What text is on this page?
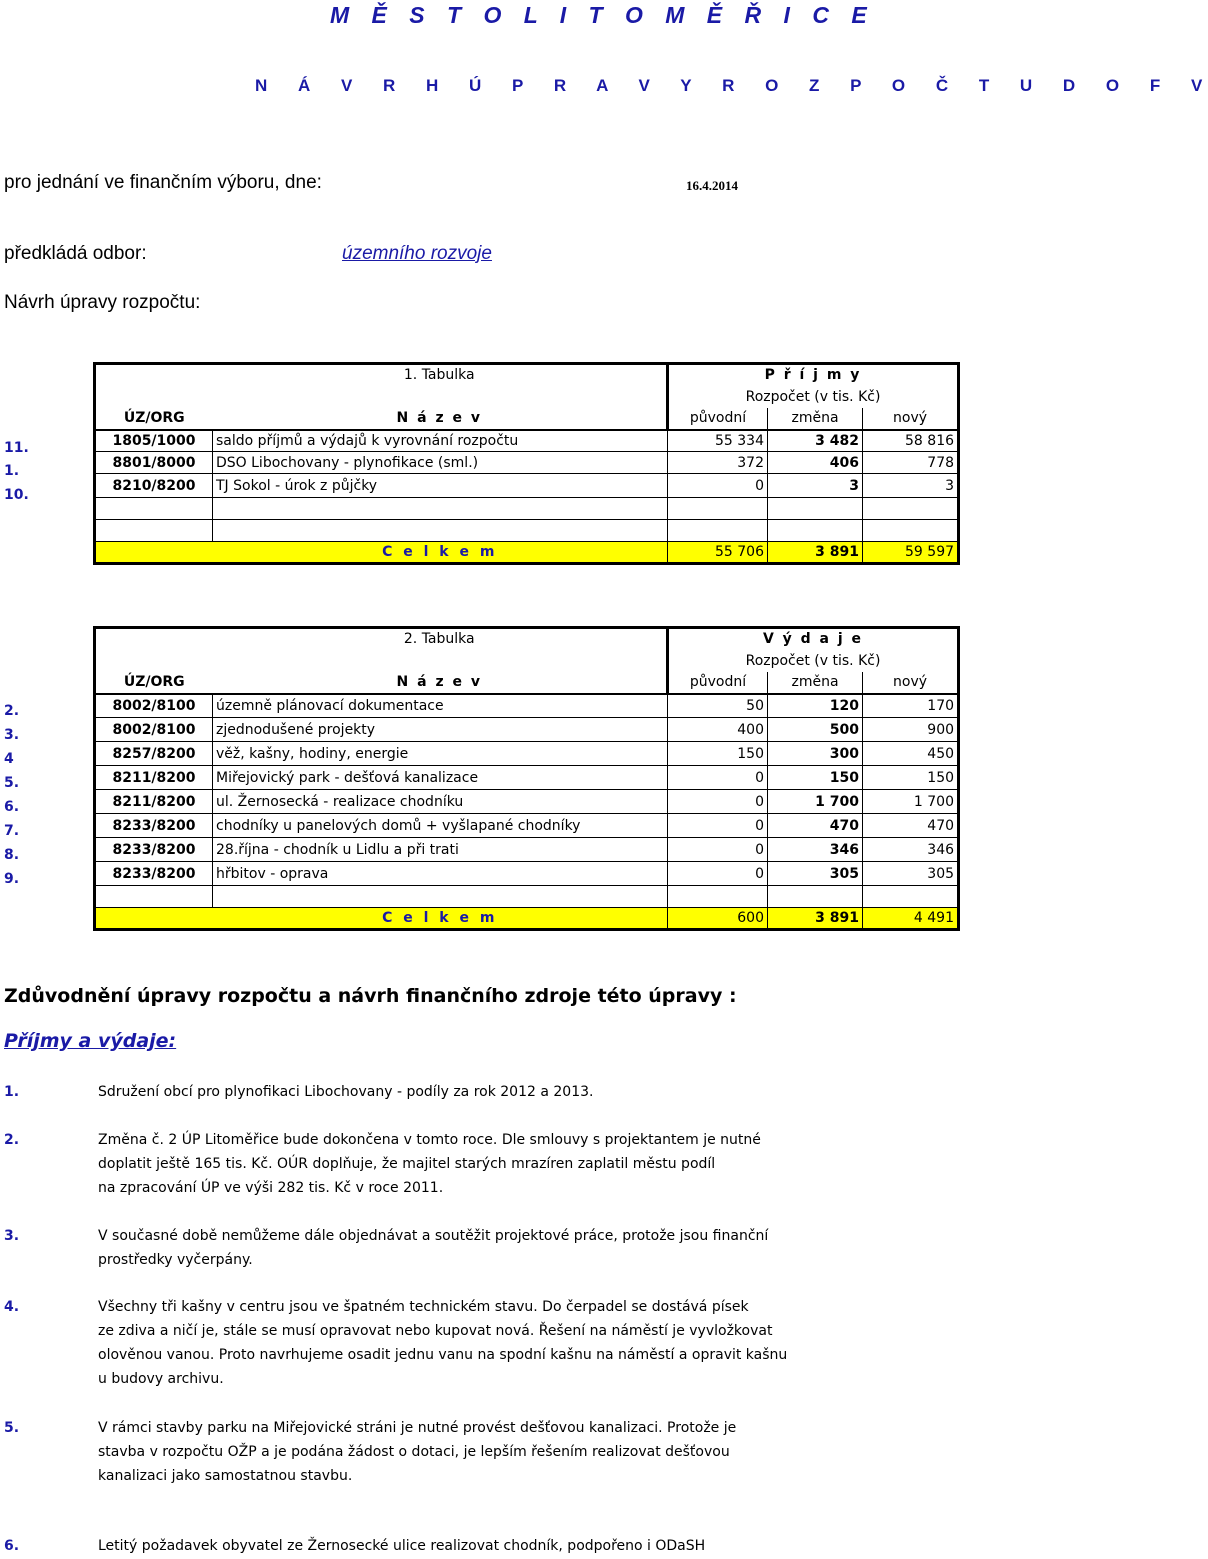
M Ě S T O L I T O M Ě Ř I C E
N Á V R H Ú P R A V Y R O Z P O Č T U D O F V
pro jednání ve finančním výboru, dne:	16.4.2014
předkládá odbor:	územního rozvoje
Návrh úpravy rozpočtu:
11.
1.
10.
	1. Tabulka	P ř í j m y		
		Rozpočet (v tis. Kč)		
ÚZ/ORG	N á z e v	původní	změna	nový
1805/1000	saldo příjmů a výdajů k vyrovnání rozpočtu	55 334	3 482	58 816
8801/8000	DSO Libochovany - plynofikace (sml.)	372	406	778
8210/8200	TJ Sokol - úrok z půjčky	0	3	3

	C e l k e m	55 706	3 891	59 597
2.
3.
4
5.
6.
7.
8.
9.
	2. Tabulka	V ý d a j e		
		Rozpočet (v tis. Kč)		
ÚZ/ORG	N á z e v	původní	změna	nový
8002/8100	územně plánovací dokumentace	50	120	170
8002/8100	zjednodušené projekty	400	500	900
8257/8200	věž, kašny, hodiny, energie	150	300	450
8211/8200	Miřejovický park - dešťová kanalizace	0	150	150
8211/8200	ul. Žernosecká - realizace chodníku	0	1 700	1 700
8233/8200	chodníky u panelových domů + vyšlapané chodníky	0	470	470
8233/8200	28.října - chodník u Lidlu a při trati	0	346	346
8233/8200	hřbitov - oprava	0	305	305

	C e l k e m	600	3 891	4 491
Zdůvodnění úpravy rozpočtu a návrh finančního zdroje této úpravy :
Příjmy a výdaje:
1.	Sdružení obcí pro plynofikaci Libochovany - podíly za rok 2012 a 2013.
2.	Změna č. 2 ÚP Litoměřice bude dokončena v tomto roce. Dle smlouvy s projektantem je nutné
doplatit ještě 165 tis. Kč. OÚR doplňuje, že majitel starých mrazíren zaplatil městu podíl
na zpracování ÚP ve výši 282 tis. Kč v roce 2011.
3.	V současné době nemůžeme dále objednávat a soutěžit projektové práce, protože jsou finanční
prostředky vyčerpány.
4.	Všechny tři kašny v centru jsou ve špatném technickém stavu. Do čerpadel se dostává písek
ze zdiva a ničí je, stále se musí opravovat nebo kupovat nová. Řešení na náměstí je vyvložkovat
olověnou vanou. Proto navrhujeme osadit jednu vanu na spodní kašnu na náměstí a opravit kašnu
u budovy archivu.
5.	V rámci stavby parku na Miřejovické stráni je nutné provést dešťovou kanalizaci. Protože je
stavba v rozpočtu OŽP a je podána žádost o dotaci, je lepším řešením realizovat dešťovou
kanalizaci jako samostatnou stavbu.
6.	Letitý požadavek obyvatel ze Žernosecké ulice realizovat chodník, podpořeno i ODaSH
